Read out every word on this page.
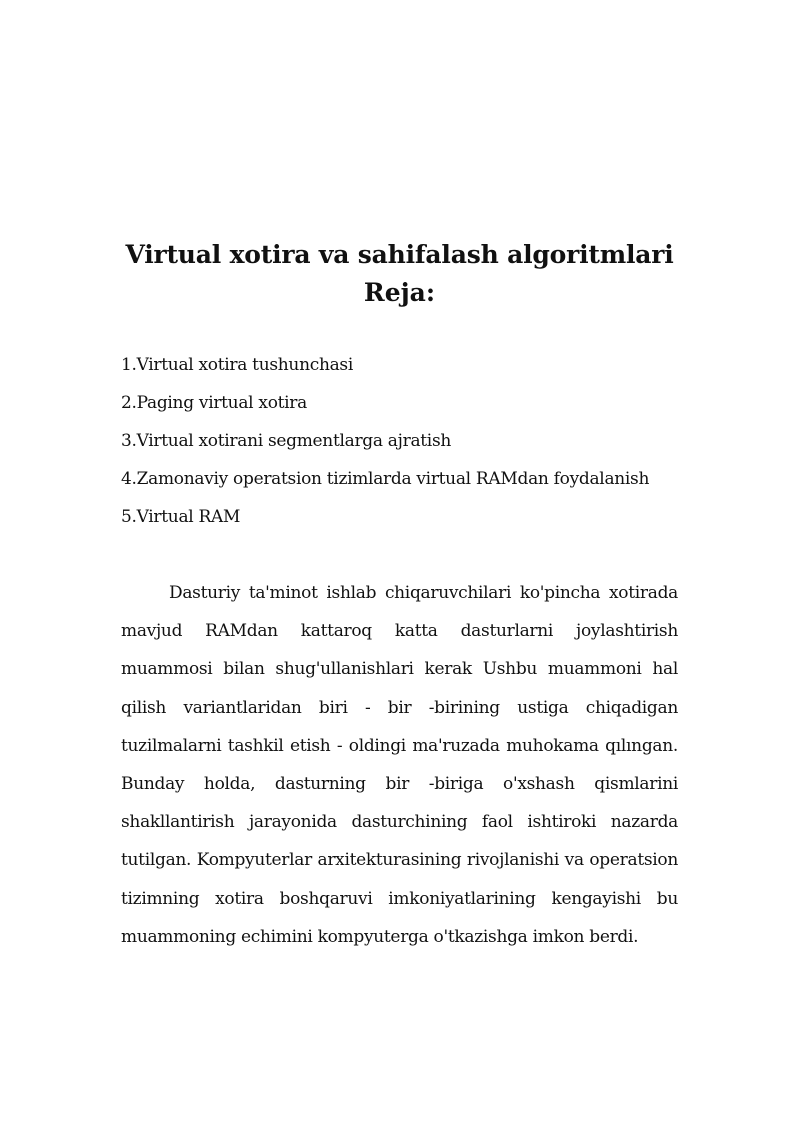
Virtual xotira va sahifalash algoritmlari
Reja:
1.Virtual xotira tushunchasi
2.Paging virtual xotira
3.Virtual xotirani segmentlarga ajratish
4.Zamonaviy operatsion tizimlarda virtual RAMdan foydalanish
5.Virtual RAM

Dasturiy ta'minot ishlab chiqaruvchilari ko'pincha xotirada mavjud RAMdan kattaroq katta dasturlarni joylashtirish muammosi bilan shug'ullanishlari kerak Ushbu muammoni hal qilish variantlaridan biri - bir -birining ustiga chiqadigan tuzilmalarni tashkil etish - oldingi ma'ruzada muhokama qılıngan. Bunday holda, dasturning bir -biriga o'xshash qismlarini shakllantirish jarayonida dasturchining faol ishtiroki nazarda tutilgan. Kompyuterlar arxitekturasining rivojlanishi va operatsion tizimning xotira boshqaruvi imkoniyatlarining kengayishi bu muammoning echimini kompyuterga o'tkazishga imkon berdi.
